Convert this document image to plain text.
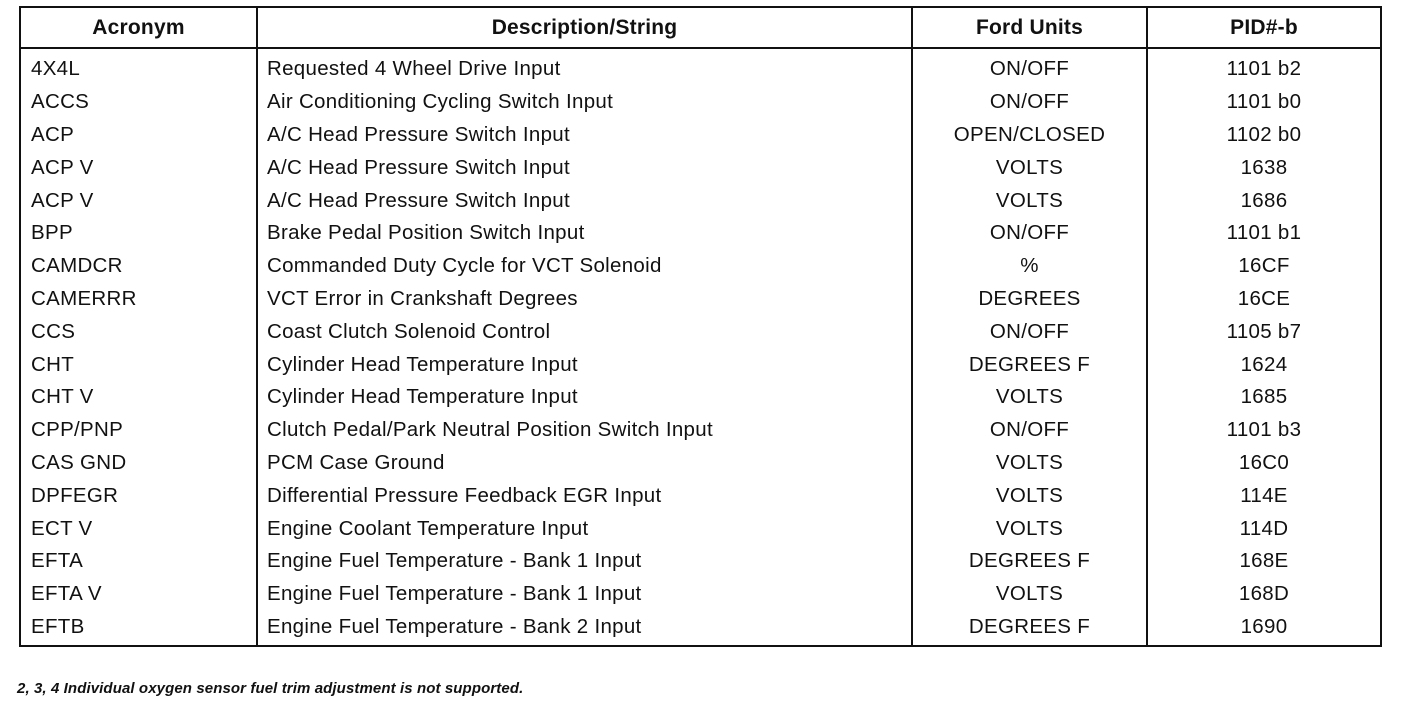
Acronym	Description/String	Ford Units	PID#-b
4X4L	Requested 4 Wheel Drive Input	ON/OFF	1101 b2
ACCS	Air Conditioning Cycling Switch Input	ON/OFF	1101 b0
ACP	A/C Head Pressure Switch Input	OPEN/CLOSED	1102 b0
ACP V	A/C Head Pressure Switch Input	VOLTS	1638
ACP V	A/C Head Pressure Switch Input	VOLTS	1686
BPP	Brake Pedal Position Switch Input	ON/OFF	1101 b1
CAMDCR	Commanded Duty Cycle for VCT Solenoid	%	16CF
CAMERRR	VCT Error in Crankshaft Degrees	DEGREES	16CE
CCS	Coast Clutch Solenoid Control	ON/OFF	1105 b7
CHT	Cylinder Head Temperature Input	DEGREES F	1624
CHT V	Cylinder Head Temperature Input	VOLTS	1685
CPP/PNP	Clutch Pedal/Park Neutral Position Switch Input	ON/OFF	1101 b3
CAS GND	PCM Case Ground	VOLTS	16C0
DPFEGR	Differential Pressure Feedback EGR Input	VOLTS	114E
ECT V	Engine Coolant Temperature Input	VOLTS	114D
EFTA	Engine Fuel Temperature - Bank 1 Input	DEGREES F	168E
EFTA V	Engine Fuel Temperature - Bank 1 Input	VOLTS	168D
EFTB	Engine Fuel Temperature - Bank 2 Input	DEGREES F	1690
2, 3, 4 Individual oxygen sensor fuel trim adjustment is not supported.
